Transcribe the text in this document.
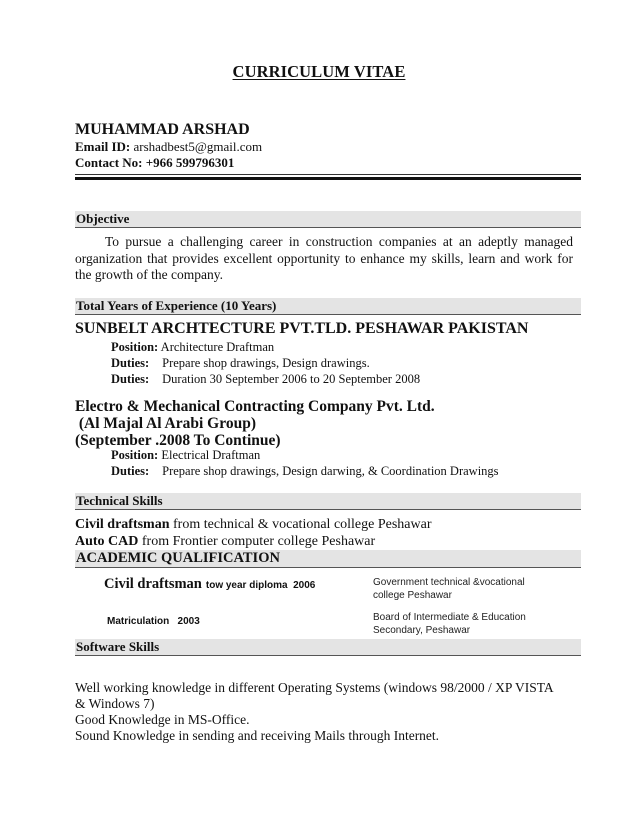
CURRICULUM VITAE
MUHAMMAD ARSHAD
Email ID: arshadbest5@gmail.com
Contact No: +966 599796301
Objective
To pursue a challenging career in construction companies at an adeptly managed organization that provides excellent opportunity to enhance my skills, learn and work for the growth of the company.
Total Years of Experience (10 Years)
SUNBELT ARCHTECTURE PVT.TLD. PESHAWAR PAKISTAN
Position: Architecture Draftman
Duties: Prepare shop drawings, Design drawings.
Duties: Duration 30 September 2006 to 20 September 2008
Electro & Mechanical Contracting Company Pvt. Ltd.
(Al Majal Al Arabi Group)
(September .2008 To Continue)
Position: Electrical Draftman
Duties: Prepare shop drawings, Design darwing, & Coordination Drawings
Technical Skills
Civil draftsman from technical & vocational college Peshawar
Auto CAD from Frontier computer college Peshawar
ACADEMIC QUALIFICATION
Civil draftsman tow year diploma  2006	Government technical &vocational
college Peshawar
Matriculation   2003	Board of Intermediate & Education
Secondary, Peshawar
Software Skills
Well working knowledge in different Operating Systems (windows 98/2000 / XP VISTA
& Windows 7)
Good Knowledge in MS-Office.
Sound Knowledge in sending and receiving Mails through Internet.
